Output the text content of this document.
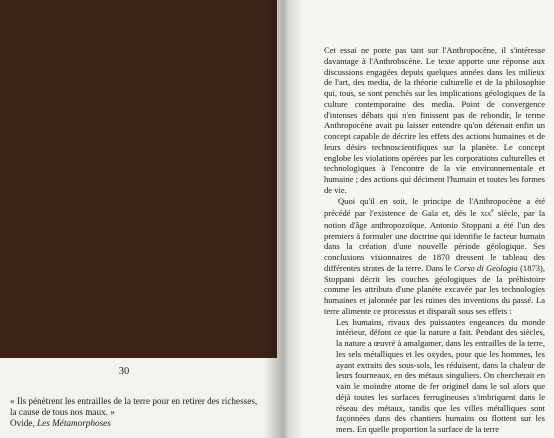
30
« Ils pénètrent les entrailles de la terre pour en retirer des richesses, la cause de tous nos maux. »
Ovide, Les Métamorphoses

Cet essai ne porte pas tant sur l'Anthropocène, il s'intéresse davantage à l'Anthrobscène. Le texte apporte une réponse aux discussions engagées depuis quelques années dans les milieux de l'art, des media, de la théorie culturelle et de la philosophie qui, tous, se sont penchés sur les implications géologiques de la culture contemporaine des media. Point de convergence d'intenses débats qui n'en finissent pas de rebondir, le terme Anthropocène avait pu laisser entendre qu'on détenait enfin un concept capable de décrire les effets des actions humaines et de leurs désirs technoscientifiques sur la planète. Le concept englobe les violations opérées par les corporations culturelles et technologiques à l'encontre de la vie environnementale et humaine ; des actions qui déciment l'humain et toutes les formes de vie.

Quoi qu'il en soit, le principe de l'Anthropocène a été précédé par l'existence de Gaïa et, dès le xix$^e$ siècle, par la notion d'âge anthropozoïque. Antonio Stoppani a été l'un des premiers à formuler une doctrine qui identifie le facteur humain dans la création d'une nouvelle période géologique. Ses conclusions visionnaires de 1870 dressent le tableau des différentes strates de la terre. Dans le Corso di Geologia (1873), Stoppani décrit les couches géologiques de la préhistoire comme les attributs d'une planète excavée par les technologies humaines et jalonnée par les ruines des inventions du passé. La terre alimente ce processus et disparaît sous ses effets :

Les humains, rivaux des puissantes engeances du monde intérieur, défont ce que la nature a fait. Pendant des siècles, la nature a œuvré à amalgamer, dans les entrailles de la terre, les sels métalliques et les oxydes, pour que les hommes, les ayant extraits des sous-sols, les réduisent, dans la chaleur de leurs fourneaux, en des métaux singuliers. On chercherait en vain le moindre atome de fer originel dans le sol alors que déjà toutes les surfaces ferrugineuses s'imbriquent dans le réseau des métaux, tandis que les villes métalliques sont façonnées dans des chantiers humains ou flottent sur les mers. En quelle proportion la surface de la terre
